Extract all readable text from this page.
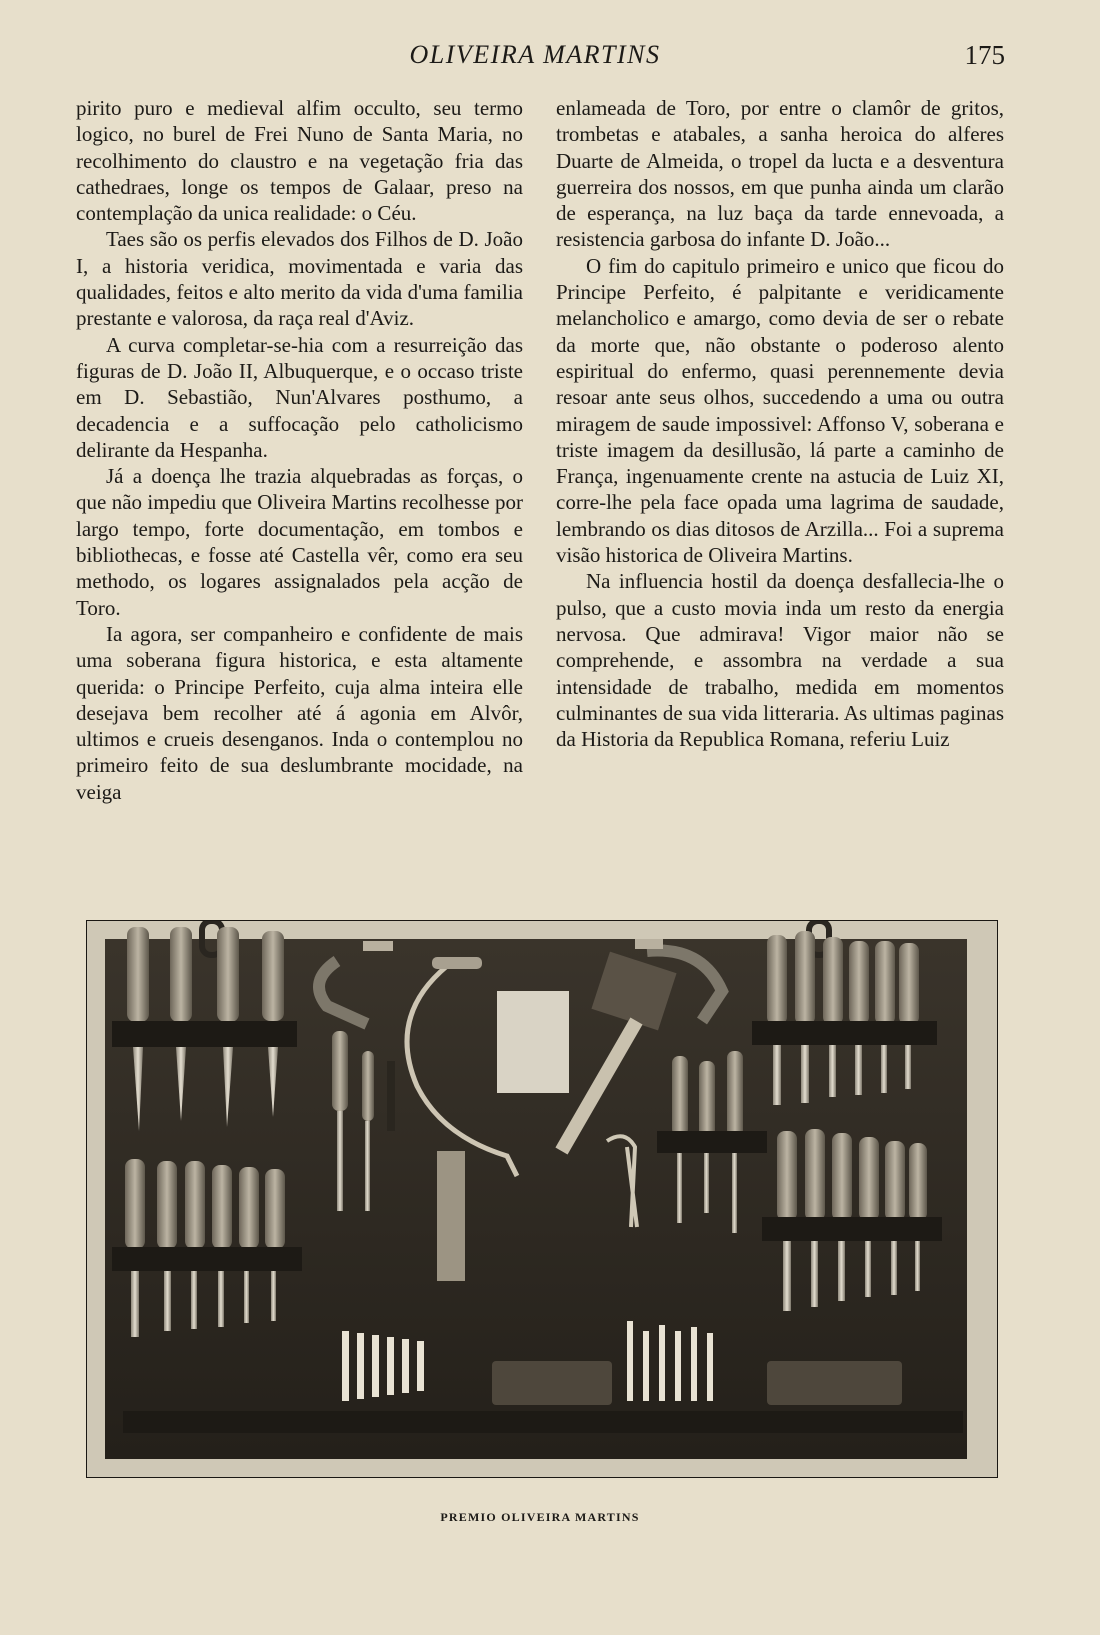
OLIVEIRA MARTINS	175

pirito puro e medieval alfim occulto, seu termo logico, no burel de Frei Nuno de Santa Maria, no recolhimento do claustro e na vegetação fria das cathedraes, longe os tempos de Galaar, preso na contemplação da unica realidade: o Céu.

Taes são os perfis elevados dos Filhos de D. João I, a historia veridica, movimentada e varia das qualidades, feitos e alto merito da vida d'uma familia prestante e valorosa, da raça real d'Aviz.

A curva completar-se-hia com a resurreição das figuras de D. João II, Albuquerque, e o occaso triste em D. Sebastião, Nun'Alvares posthumo, a decadencia e a suffocação pelo catholicismo delirante da Hespanha.

Já a doença lhe trazia alquebradas as forças, o que não impediu que Oliveira Martins recolhesse por largo tempo, forte documentação, em tombos e bibliothecas, e fosse até Castella vêr, como era seu methodo, os logares assignalados pela acção de Toro.

Ia agora, ser companheiro e confidente de mais uma soberana figura historica, e esta altamente querida: o Principe Perfeito, cuja alma inteira elle desejava bem recolher até á agonia em Alvôr, ultimos e crueis desenganos. Inda o contemplou no primeiro feito de sua deslumbrante mocidade, na veiga

enlameada de Toro, por entre o clamôr de gritos, trombetas e atabales, a sanha heroica do alferes Duarte de Almeida, o tropel da lucta e a desventura guerreira dos nossos, em que punha ainda um clarão de esperança, na luz baça da tarde ennevoada, a resistencia garbosa do infante D. João...

O fim do capitulo primeiro e unico que ficou do Principe Perfeito, é palpitante e veridicamente melancholico e amargo, como devia de ser o rebate da morte que, não obstante o poderoso alento espiritual do enfermo, quasi perennemente devia resoar ante seus olhos, succedendo a uma ou outra miragem de saude impossivel: Affonso V, soberana e triste imagem da desillusão, lá parte a caminho de França, ingenuamente crente na astucia de Luiz XI, corre-lhe pela face opada uma lagrima de saudade, lembrando os dias ditosos de Arzilla... Foi a suprema visão historica de Oliveira Martins.

Na influencia hostil da doença desfallecia-lhe o pulso, que a custo movia inda um resto da energia nervosa. Que admirava! Vigor maior não se comprehende, e assombra na verdade a sua intensidade de trabalho, medida em momentos culminantes de sua vida litteraria. As ultimas paginas da Historia da Republica Romana, referiu Luiz

PREMIO OLIVEIRA MARTINS
